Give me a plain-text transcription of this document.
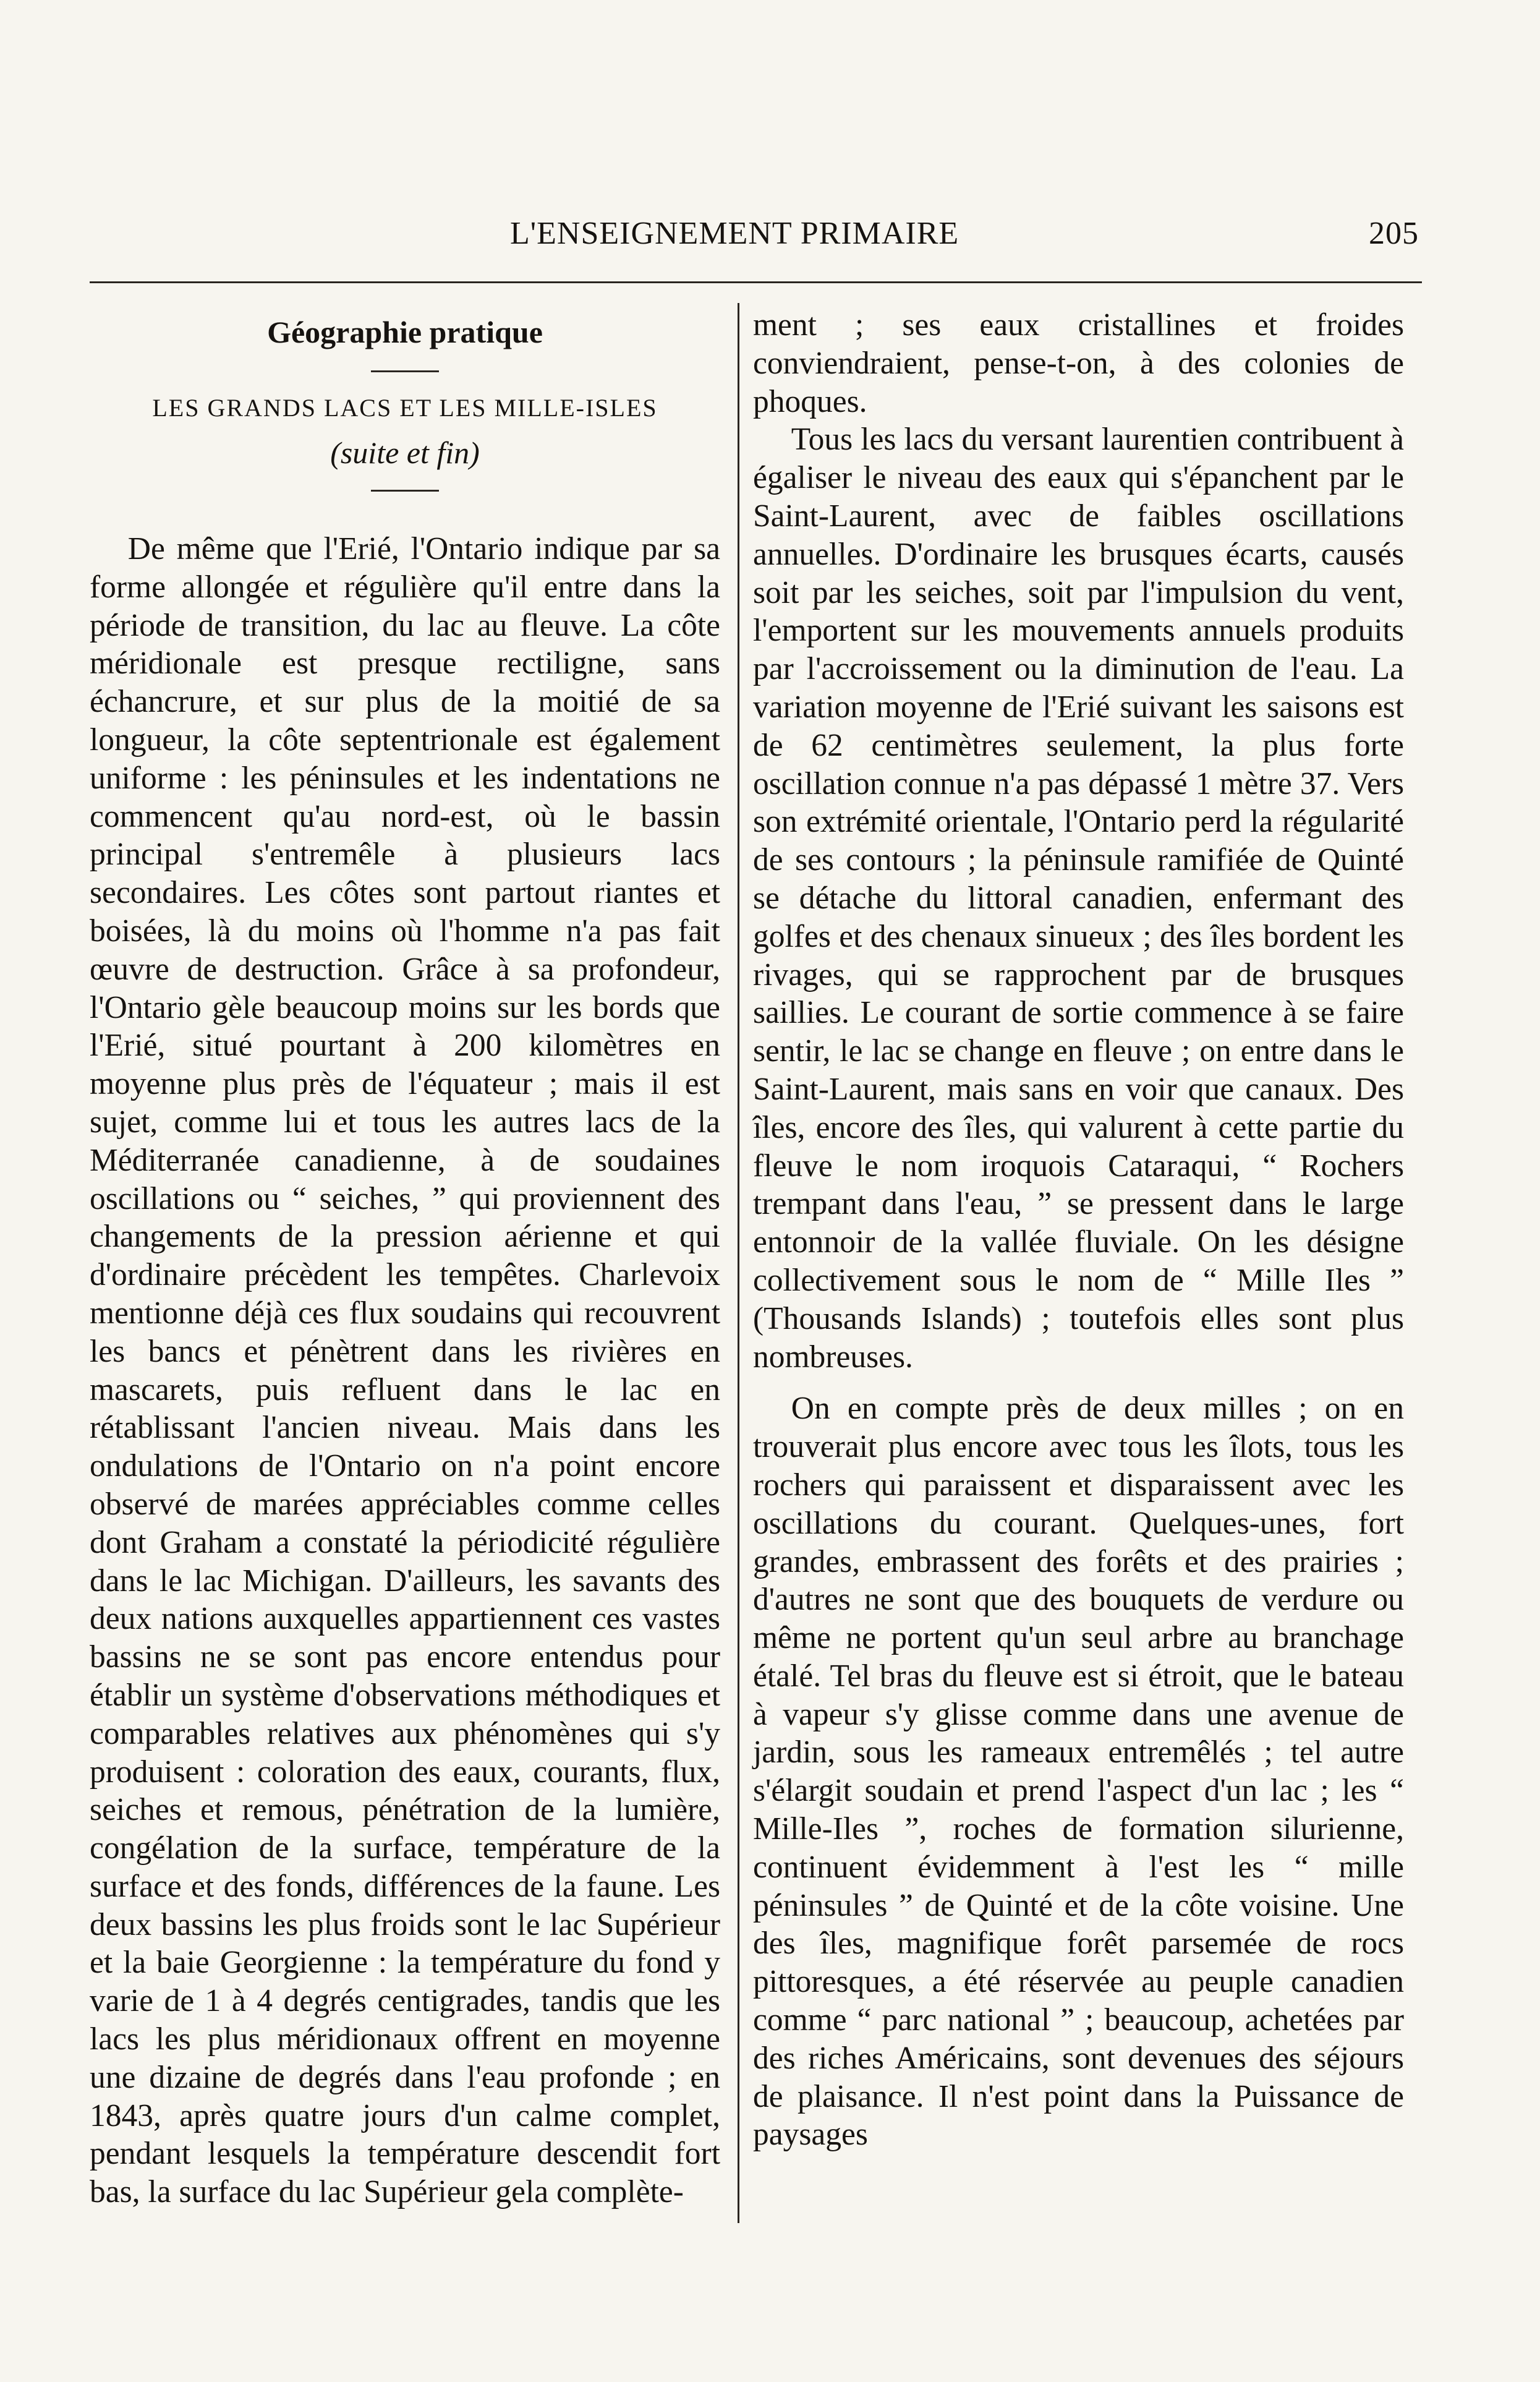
L'ENSEIGNEMENT PRIMAIRE	205
Géographie pratique
LES GRANDS LACS ET LES MILLE-ISLES
(suite et fin)

De même que l'Erié, l'Ontario indique par sa forme allongée et régulière qu'il entre dans la période de transition, du lac au fleuve. La côte méridionale est presque rectiligne, sans échancrure, et sur plus de la moitié de sa longueur, la côte septentrionale est également uniforme : les péninsules et les indentations ne commencent qu'au nord-est, où le bassin principal s'entremêle à plusieurs lacs secondaires. Les côtes sont partout riantes et boisées, là du moins où l'homme n'a pas fait œuvre de destruction. Grâce à sa profondeur, l'Ontario gèle beaucoup moins sur les bords que l'Erié, situé pourtant à 200 kilomètres en moyenne plus près de l'équateur ; mais il est sujet, comme lui et tous les autres lacs de la Méditerranée canadienne, à de soudaines oscillations ou “ seiches, ” qui proviennent des changements de la pression aérienne et qui d'ordinaire précèdent les tempêtes. Charlevoix mentionne déjà ces flux soudains qui recouvrent les bancs et pénètrent dans les rivières en mascarets, puis refluent dans le lac en rétablissant l'ancien niveau. Mais dans les ondulations de l'Ontario on n'a point encore observé de marées appréciables comme celles dont Graham a constaté la périodicité régulière dans le lac Michigan. D'ailleurs, les savants des deux nations auxquelles appartiennent ces vastes bassins ne se sont pas encore entendus pour établir un système d'observations méthodiques et comparables relatives aux phénomènes qui s'y produisent : coloration des eaux, courants, flux, seiches et remous, pénétration de la lumière, congélation de la surface, température de la surface et des fonds, différences de la faune. Les deux bassins les plus froids sont le lac Supérieur et la baie Georgienne : la température du fond y varie de 1 à 4 degrés centigrades, tandis que les lacs les plus méridionaux offrent en moyenne une dizaine de degrés dans l'eau profonde ; en 1843, après quatre jours d'un calme complet, pendant lesquels la température descendit fort bas, la surface du lac Supérieur gela complète-

ment ; ses eaux cristallines et froides conviendraient, pense-t-on, à des colonies de phoques.

Tous les lacs du versant laurentien contribuent à égaliser le niveau des eaux qui s'épanchent par le Saint-Laurent, avec de faibles oscillations annuelles. D'ordinaire les brusques écarts, causés soit par les seiches, soit par l'impulsion du vent, l'emportent sur les mouvements annuels produits par l'accroissement ou la diminution de l'eau. La variation moyenne de l'Erié suivant les saisons est de 62 centimètres seulement, la plus forte oscillation connue n'a pas dépassé 1 mètre 37. Vers son extrémité orientale, l'Ontario perd la régularité de ses contours ; la péninsule ramifiée de Quinté se détache du littoral canadien, enfermant des golfes et des chenaux sinueux ; des îles bordent les rivages, qui se rapprochent par de brusques saillies. Le courant de sortie commence à se faire sentir, le lac se change en fleuve ; on entre dans le Saint-Laurent, mais sans en voir que canaux. Des îles, encore des îles, qui valurent à cette partie du fleuve le nom iroquois Cataraqui, “ Rochers trempant dans l'eau, ” se pressent dans le large entonnoir de la vallée fluviale. On les désigne collectivement sous le nom de “ Mille Iles ” (Thousands Islands) ; toutefois elles sont plus nombreuses.

On en compte près de deux milles ; on en trouverait plus encore avec tous les îlots, tous les rochers qui paraissent et disparaissent avec les oscillations du courant. Quelques-unes, fort grandes, embrassent des forêts et des prairies ; d'autres ne sont que des bouquets de verdure ou même ne portent qu'un seul arbre au branchage étalé. Tel bras du fleuve est si étroit, que le bateau à vapeur s'y glisse comme dans une avenue de jardin, sous les rameaux entremêlés ; tel autre s'élargit soudain et prend l'aspect d'un lac ; les “ Mille-Iles ”, roches de formation silurienne, continuent évidemment à l'est les “ mille péninsules ” de Quinté et de la côte voisine. Une des îles, magnifique forêt parsemée de rocs pittoresques, a été réservée au peuple canadien comme “ parc national ” ; beaucoup, achetées par des riches Américains, sont devenues des séjours de plaisance. Il n'est point dans la Puissance de paysages
